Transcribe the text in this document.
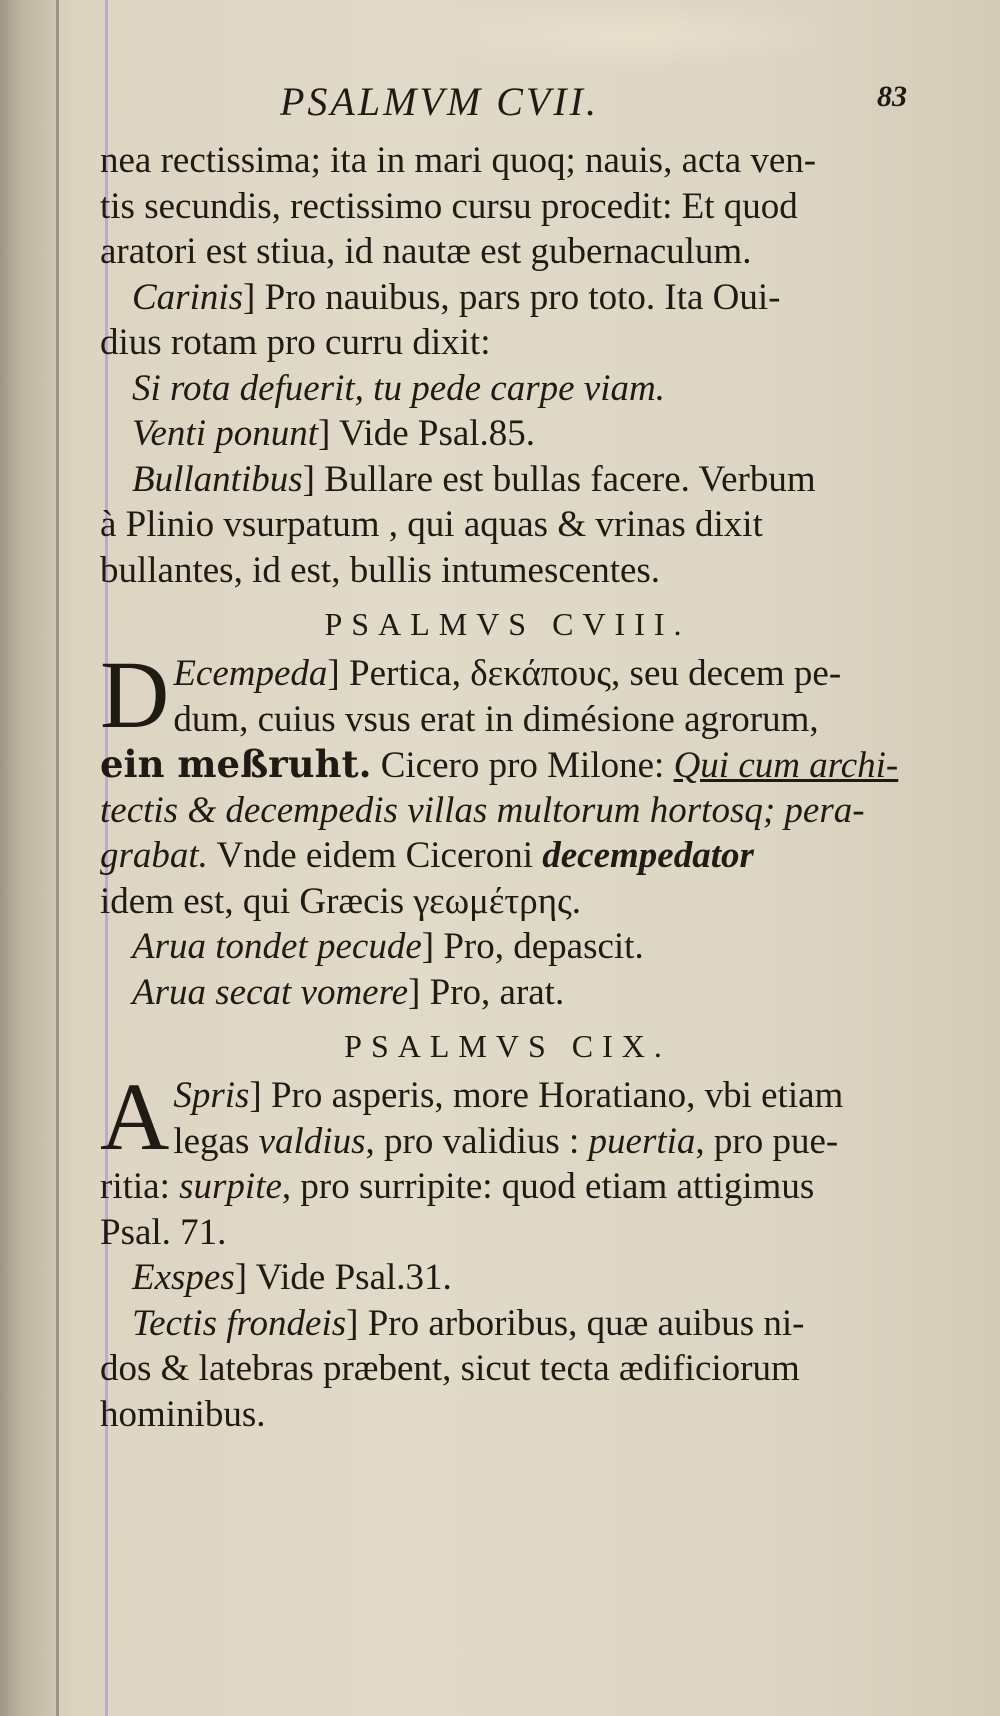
PSALMVM CVII.	83
nea rectissima; ita in mari quoq; nauis, acta ven-
tis secundis, rectissimo cursu procedit: Et quod
aratori est stiua, id nautæ est gubernaculum.
Carinis] Pro nauibus, pars pro toto. Ita Oui-
dius rotam pro curru dixit:
Si rota defuerit, tu pede carpe viam.
Venti ponunt] Vide Psal.85.
Bullantibus] Bullare est bullas facere. Verbum
à Plinio vsurpatum , qui aquas & vrinas dixit
bullantes, id est, bullis intumescentes.
PSALMVS CVIII.
D Ecempeda] Pertica, δεκάπους, seu decem pe-
dum, cuius vsus erat in dimésione agrorum,
ein meßruht. Cicero pro Milone: Qui cum archi-
tectis & decempedis villas multorum hortosq; pera-
grabat. Vnde eidem Ciceroni decempedator
idem est, qui Græcis γεωμέτρης.
Arua tondet pecude] Pro, depascit.
Arua secat vomere] Pro, arat.
PSALMVS CIX.
A Spris] Pro asperis, more Horatiano, vbi etiam
legas valdius, pro validius : puertia, pro pue-
ritia: surpite, pro surripite: quod etiam attigimus
Psal. 71.
Exspes] Vide Psal.31.
Tectis frondeis] Pro arboribus, quæ auibus ni-
dos & latebras præbent, sicut tecta ædificiorum
hominibus.
